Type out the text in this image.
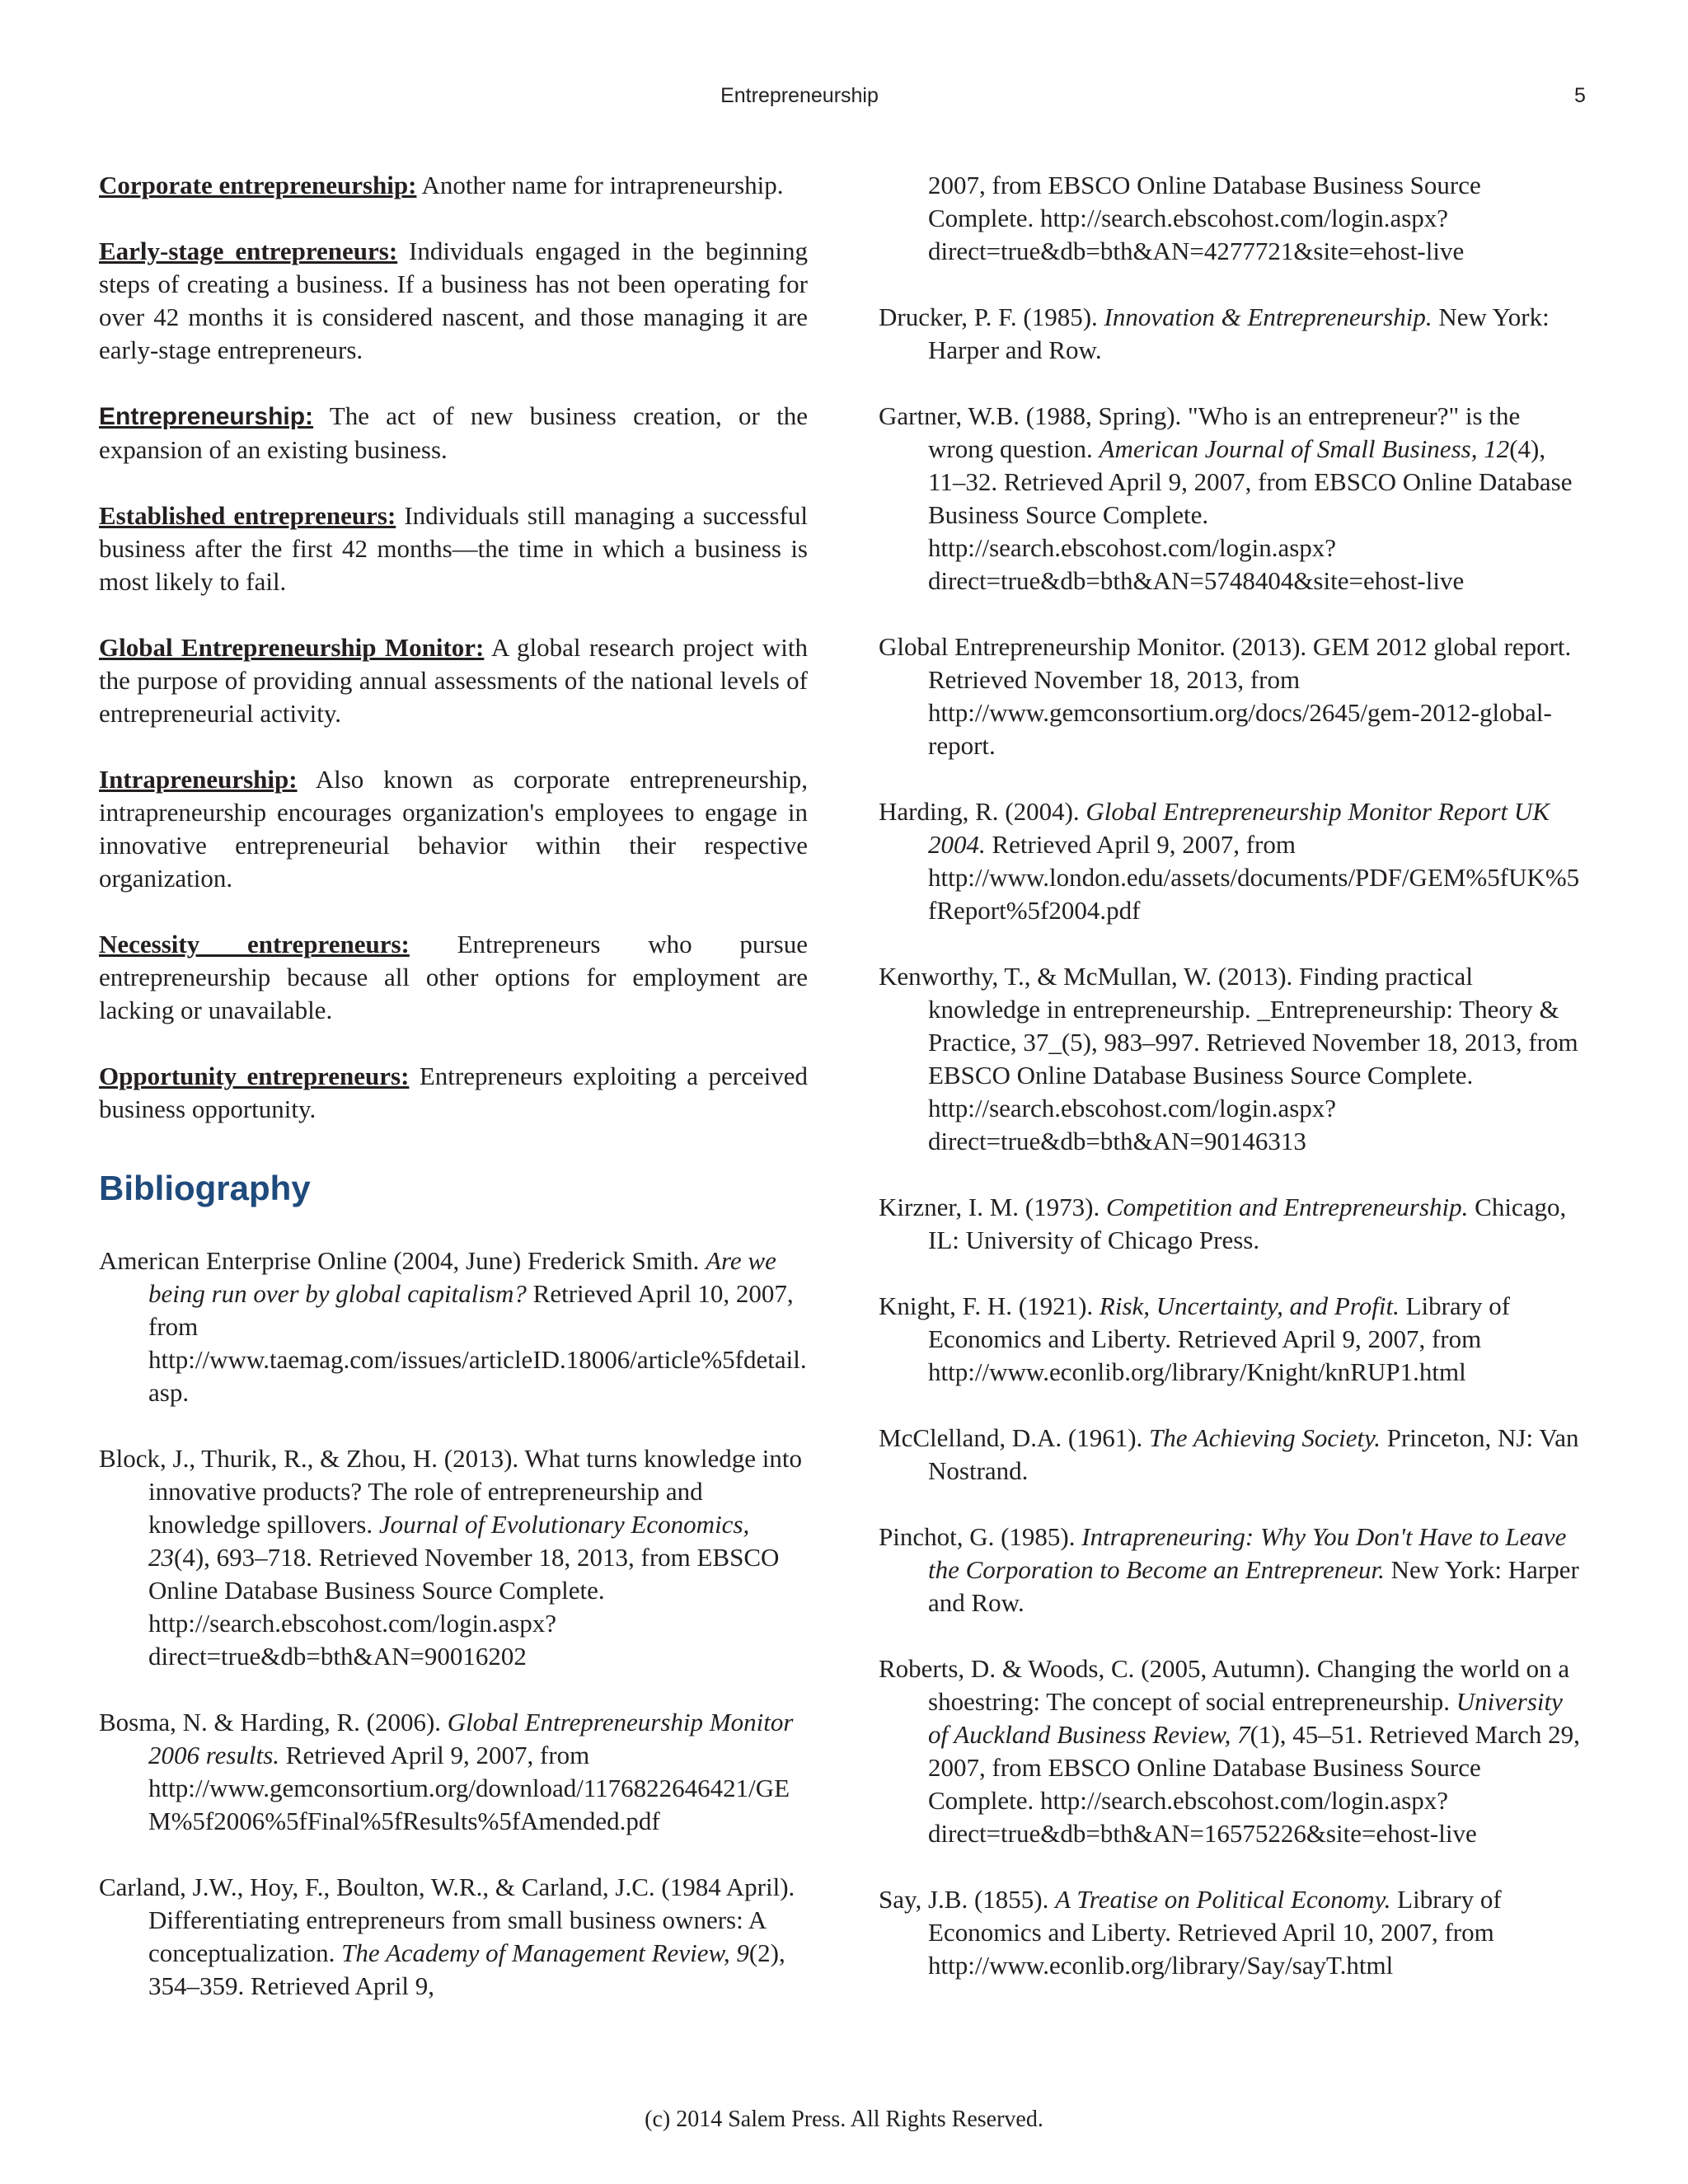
Entrepreneurship	5

Corporate entrepreneurship: Another name for intrapreneurship.

Early-stage entrepreneurs: Individuals engaged in the beginning steps of creating a business. If a business has not been operating for over 42 months it is considered nascent, and those managing it are early-stage entrepreneurs.

Entrepreneurship: The act of new business creation, or the expansion of an existing business.

Established entrepreneurs: Individuals still managing a successful business after the first 42 months—the time in which a business is most likely to fail.

Global Entrepreneurship Monitor: A global research project with the purpose of providing annual assessments of the national levels of entrepreneurial activity.

Intrapreneurship: Also known as corporate entrepreneurship, intrapreneurship encourages organization's employees to engage in innovative entrepreneurial behavior within their respective organization.

Necessity entrepreneurs: Entrepreneurs who pursue entrepreneurship because all other options for employment are lacking or unavailable.

Opportunity entrepreneurs: Entrepreneurs exploiting a perceived business opportunity.

Bibliography

American Enterprise Online (2004, June) Frederick Smith. Are we being run over by global capitalism? Retrieved April 10, 2007, from http://www.taemag.com/issues/articleID.18006/article%5fdetail.asp.

Block, J., Thurik, R., & Zhou, H. (2013). What turns knowledge into innovative products? The role of entrepreneurship and knowledge spillovers. Journal of Evolutionary Economics, 23(4), 693–718. Retrieved November 18, 2013, from EBSCO Online Database Business Source Complete. http://search.ebscohost.com/login.aspx?direct=true&db=bth&AN=90016202

Bosma, N. & Harding, R. (2006). Global Entrepreneurship Monitor 2006 results. Retrieved April 9, 2007, from http://www.gemconsortium.org/download/1176822646421/GEM%5f2006%5fFinal%5fResults%5fAmended.pdf

Carland, J.W., Hoy, F., Boulton, W.R., & Carland, J.C. (1984 April). Differentiating entrepreneurs from small business owners: A conceptualization. The Academy of Management Review, 9(2), 354–359. Retrieved April 9,

2007, from EBSCO Online Database Business Source Complete. http://search.ebscohost.com/login.aspx?direct=true&db=bth&AN=4277721&site=ehost-live

Drucker, P. F. (1985). Innovation & Entrepreneurship. New York: Harper and Row.

Gartner, W.B. (1988, Spring). "Who is an entrepreneur?" is the wrong question. American Journal of Small Business, 12(4), 11–32. Retrieved April 9, 2007, from EBSCO Online Database Business Source Complete. http://search.ebscohost.com/login.aspx?direct=true&db=bth&AN=5748404&site=ehost-live

Global Entrepreneurship Monitor. (2013). GEM 2012 global report. Retrieved November 18, 2013, from http://www.gemconsortium.org/docs/2645/gem-2012-global-report.

Harding, R. (2004). Global Entrepreneurship Monitor Report UK 2004. Retrieved April 9, 2007, from http://www.london.edu/assets/documents/PDF/GEM%5fUK%5fReport%5f2004.pdf

Kenworthy, T., & McMullan, W. (2013). Finding practical knowledge in entrepreneurship. _Entrepreneurship: Theory & Practice, 37_(5), 983–997. Retrieved November 18, 2013, from EBSCO Online Database Business Source Complete. http://search.ebscohost.com/login.aspx?direct=true&db=bth&AN=90146313

Kirzner, I. M. (1973). Competition and Entrepreneurship. Chicago, IL: University of Chicago Press.

Knight, F. H. (1921). Risk, Uncertainty, and Profit. Library of Economics and Liberty. Retrieved April 9, 2007, from http://www.econlib.org/library/Knight/knRUP1.html

McClelland, D.A. (1961). The Achieving Society. Princeton, NJ: Van Nostrand.

Pinchot, G. (1985). Intrapreneuring: Why You Don't Have to Leave the Corporation to Become an Entrepreneur. New York: Harper and Row.

Roberts, D. & Woods, C. (2005, Autumn). Changing the world on a shoestring: The concept of social entrepreneurship. University of Auckland Business Review, 7(1), 45–51. Retrieved March 29, 2007, from EBSCO Online Database Business Source Complete. http://search.ebscohost.com/login.aspx?direct=true&db=bth&AN=16575226&site=ehost-live

Say, J.B. (1855). A Treatise on Political Economy. Library of Economics and Liberty. Retrieved April 10, 2007, from http://www.econlib.org/library/Say/sayT.html

(c) 2014 Salem Press. All Rights Reserved.
